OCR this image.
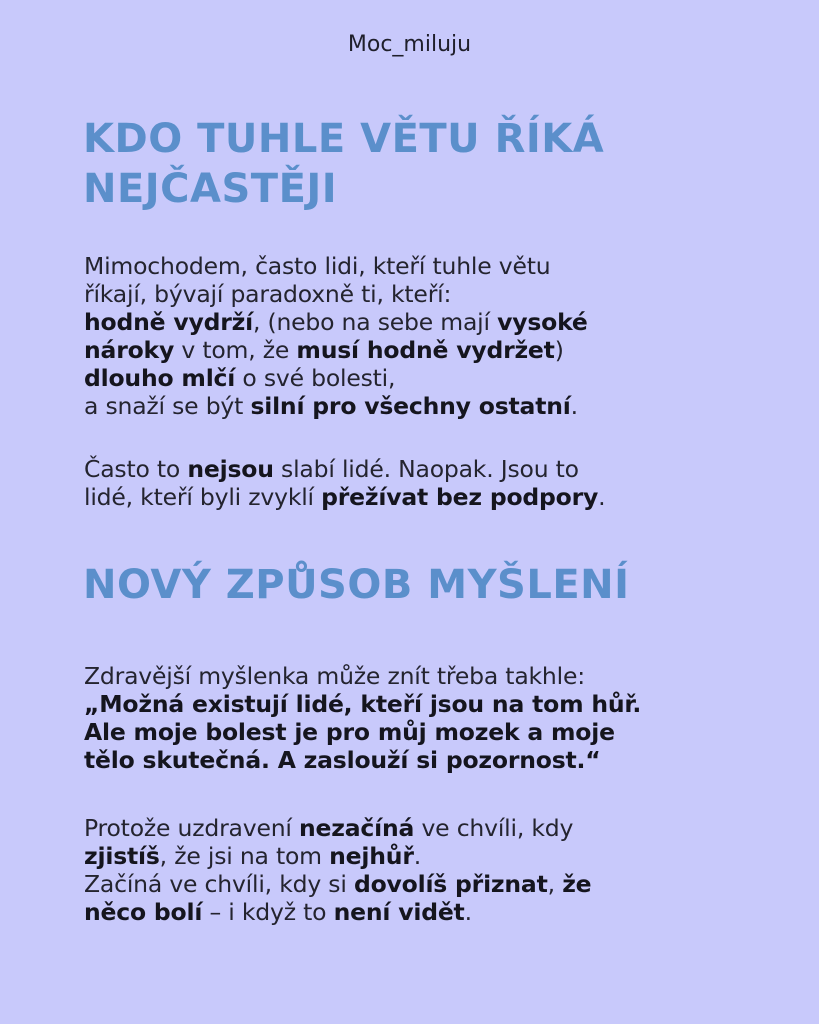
Moc_miluju
KDO TUHLE VĚTU ŘÍKÁ
NEJČASTĚJI

Mimochodem, často lidi, kteří tuhle větu
říkají, bývají paradoxně ti, kteří:
hodně vydrží, (nebo na sebe mají vysoké
nároky v tom, že musí hodně vydržet)
dlouho mlčí o své bolesti,
a snaží se být silní pro všechny ostatní.

Často to nejsou slabí lidé. Naopak. Jsou to
lidé, kteří byli zvyklí přežívat bez podpory.

NOVÝ ZPŮSOB MYŠLENÍ

Zdravější myšlenka může znít třeba takhle:
„Možná existují lidé, kteří jsou na tom hůř.
Ale moje bolest je pro můj mozek a moje
tělo skutečná. A zaslouží si pozornost.“

Protože uzdravení nezačíná ve chvíli, kdy
zjistíš, že jsi na tom nejhůř.
Začíná ve chvíli, kdy si dovolíš přiznat, že
něco bolí – i když to není vidět.
